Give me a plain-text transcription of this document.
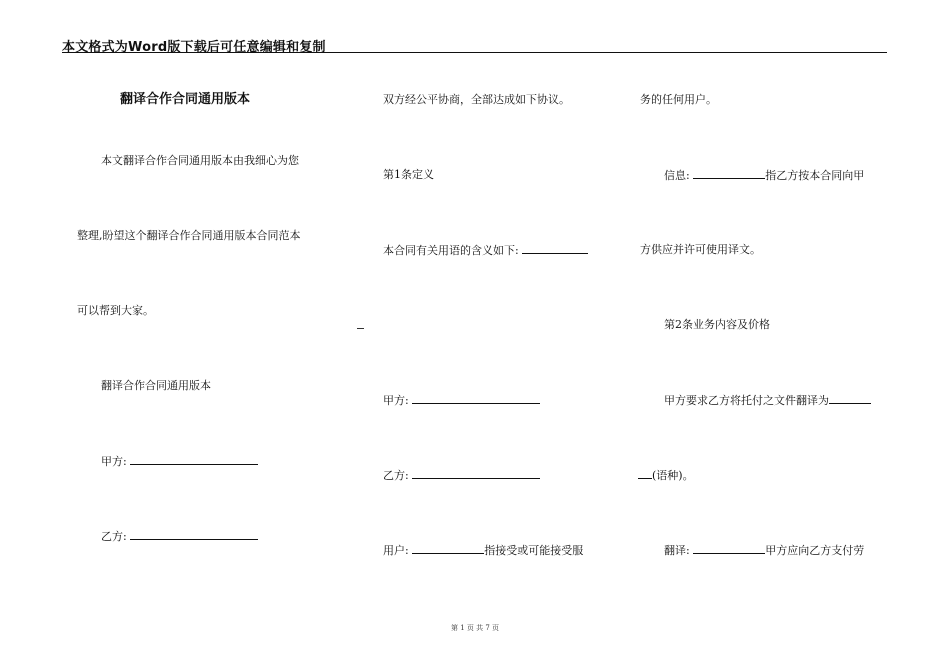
本文格式为Word版下载后可任意编辑和复制
翻译合作合同通用版本
本文翻译合作合同通用版本由我细心为您
整理,盼望这个翻译合作合同通用版本合同范本
可以帮到大家。
翻译合作合同通用版本
甲方:
乙方:
双方经公平协商，全部达成如下协议。
第1条定义
本合同有关用语的含义如下:
甲方:
乙方:
用户:	指接受或可能接受服
务的任何用户。
信息:	指乙方按本合同向甲
方供应并许可使用译文。
第2条业务内容及价格
甲方要求乙方将托付之文件翻译为
(语种)。
翻译:	甲方应向乙方支付劳
第 1 页 共 7 页
